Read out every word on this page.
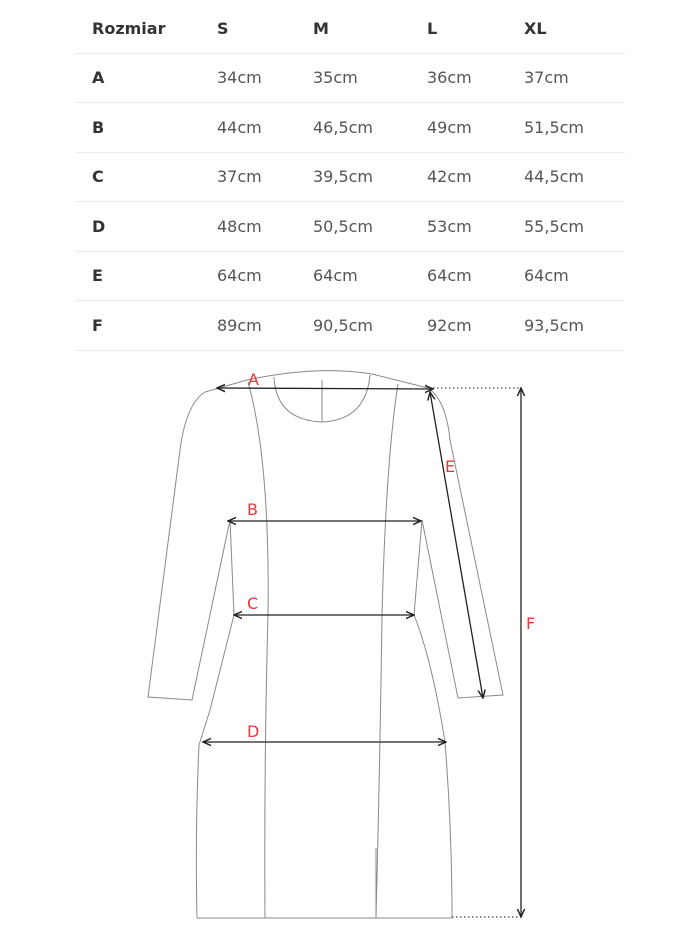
Rozmiar	S	M	L	XL
A	34cm	35cm	36cm	37cm
B	44cm	46,5cm	49cm	51,5cm
C	37cm	39,5cm	42cm	44,5cm
D	48cm	50,5cm	53cm	55,5cm
E	64cm	64cm	64cm	64cm
F	89cm	90,5cm	92cm	93,5cm
A
B
C
D
E
F
